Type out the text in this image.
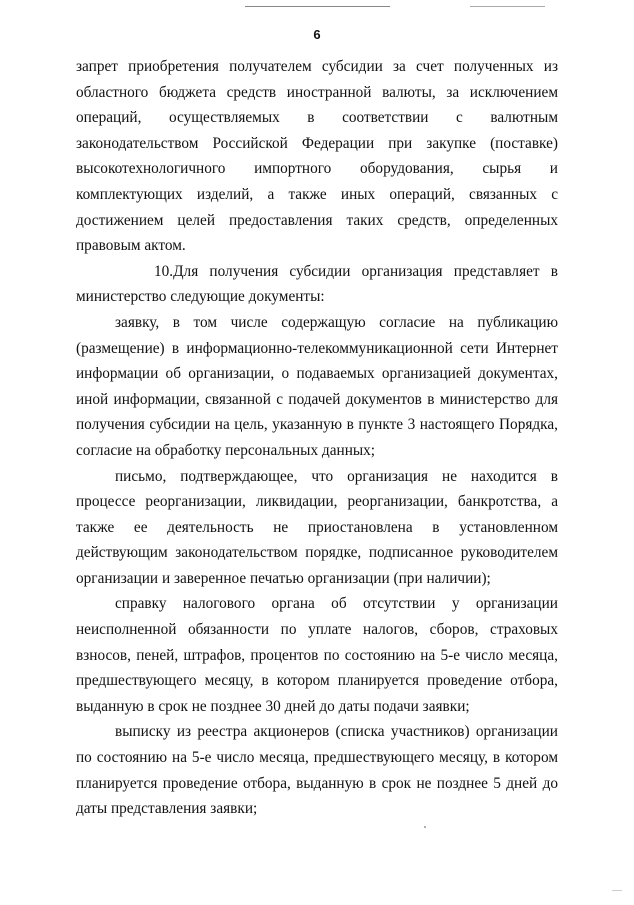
6

запрет приобретения получателем субсидии за счет полученных из областного бюджета средств иностранной валюты, за исключением операций, осуществляемых в соответствии с валютным законодательством Российской Федерации при закупке (поставке) высокотехнологичного импортного оборудования, сырья и комплектующих изделий, а также иных операций, связанных с достижением целей предоставления таких средств, определенных правовым актом.

10.Для получения субсидии организация представляет в министерство следующие документы:

заявку, в том числе содержащую согласие на публикацию (размещение) в информационно-телекоммуникационной сети Интернет информации об организации, о подаваемых организацией документах, иной информации, связанной с подачей документов в министерство для получения субсидии на цель, указанную в пункте 3 настоящего Порядка, согласие на обработку персональных данных;

письмо, подтверждающее, что организация не находится в процессе реорганизации, ликвидации, реорганизации, банкротства, а также ее деятельность не приостановлена в установленном действующим законодательством порядке, подписанное руководителем организации и заверенное печатью организации (при наличии);

справку налогового органа об отсутствии у организации неисполненной обязанности по уплате налогов, сборов, страховых взносов, пеней, штрафов, процентов по состоянию на 5-е число месяца, предшествующего месяцу, в котором планируется проведение отбора, выданную в срок не позднее 30 дней до даты подачи заявки;

выписку из реестра акционеров (списка участников) организации по состоянию на 5-е число месяца, предшествующего месяцу, в котором планируется проведение отбора, выданную в срок не позднее 5 дней до даты представления заявки;
